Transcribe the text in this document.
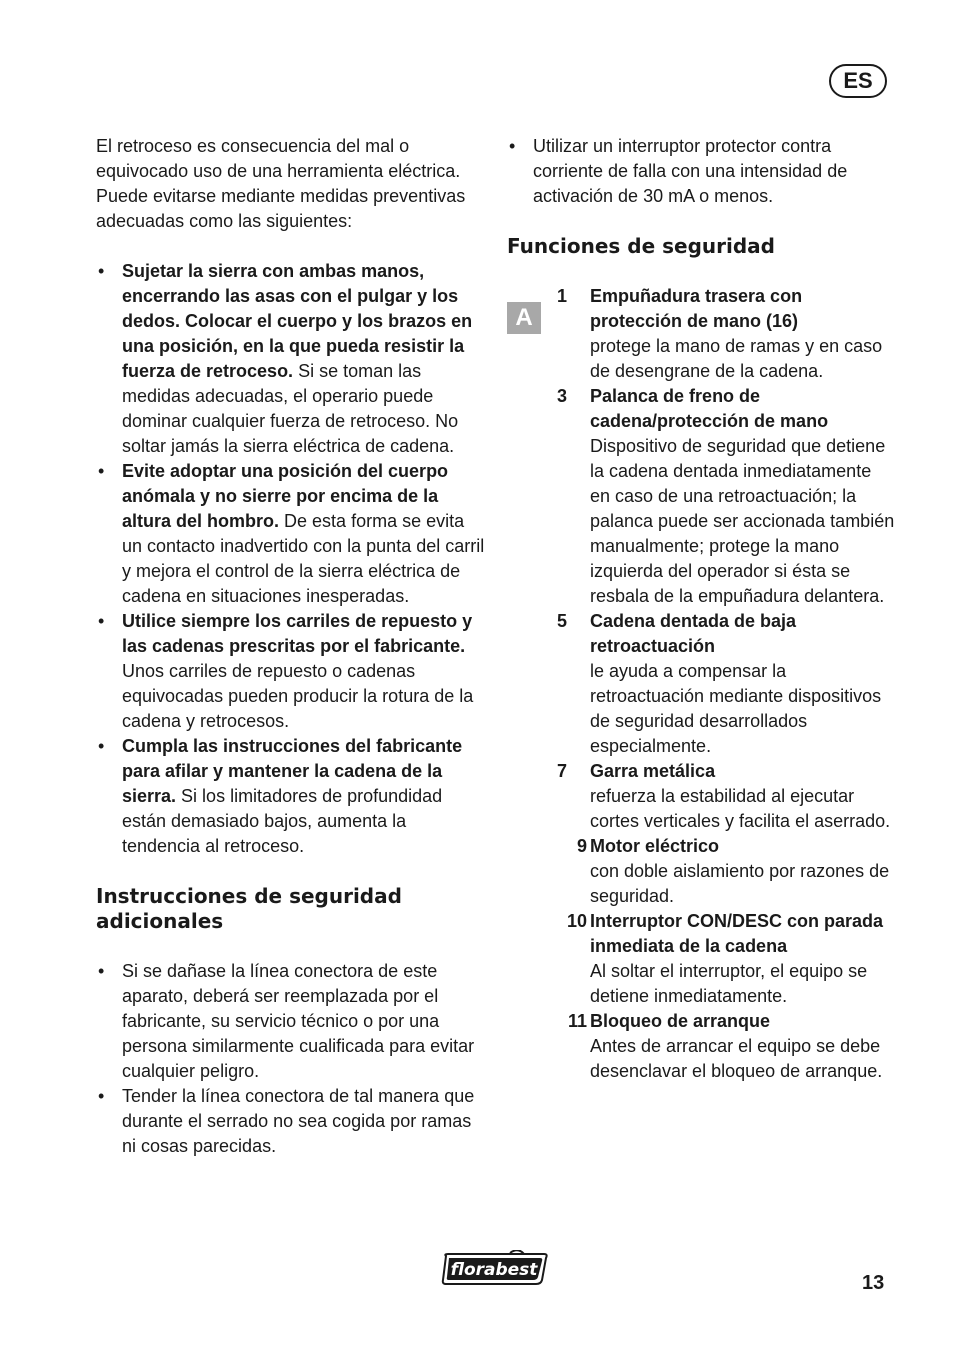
ES

El retroceso es consecuencia del mal o equivocado uso de una herramienta eléctrica. Puede evitarse mediante medidas preventivas adecuadas como las siguientes:

• Sujetar la sierra con ambas manos, encerrando las asas con el pulgar y los dedos. Colocar el cuerpo y los brazos en una posición, en la que pueda resistir la fuerza de retroceso. Si se toman las medidas adecuadas, el operario puede dominar cualquier fuerza de retroceso. No soltar jamás la sierra eléctrica de cadena.
• Evite adoptar una posición del cuerpo anómala y no sierre por encima de la altura del hombro. De esta forma se evita un contacto inadvertido con la punta del carril y mejora el control de la sierra eléctrica de cadena en situaciones inesperadas.
• Utilice siempre los carriles de repuesto y las cadenas prescritas por el fabricante. Unos carriles de repuesto o cadenas equivocadas pueden producir la rotura de la cadena y retrocesos.
• Cumpla las instrucciones del fabricante para afilar y mantener la cadena de la sierra. Si los limitadores de profundidad están demasiado bajos, aumenta la tendencia al retroceso.
Instrucciones de seguridad adicionales
• Si se dañase la línea conectora de este aparato, deberá ser reemplazada por el fabricante, su servicio técnico o por una persona similarmente cualificada para evitar cualquier peligro.
• Tender la línea conectora de tal manera que durante el serrado no sea cogida por ramas ni cosas parecidas.
• Utilizar un interruptor protector contra corriente de falla con una intensidad de activación de 30 mA o menos.
Funciones de seguridad
A
1	Empuñadura trasera con protección de mano (16)
protege la mano de ramas y en caso de desengrane de la cadena.
3	Palanca de freno de cadena/protección de mano
Dispositivo de seguridad que detiene la cadena dentada inmediatamente en caso de una retroactuación; la palanca puede ser accionada también manualmente; protege la mano izquierda del operador si ésta se resbala de la empuñadura delantera.
5	Cadena dentada de baja retroactuación
le ayuda a compensar la retroactuación mediante dispositivos de seguridad desarrollados especialmente.
7	Garra metálica
refuerza la estabilidad al ejecutar cortes verticales y facilita el aserrado.
9 Motor eléctrico
con doble aislamiento por razones de seguridad.
10 Interruptor CON/DESC con parada inmediata de la cadena
Al soltar el interruptor, el equipo se detiene inmediatamente.
11 Bloqueo de arranque
Antes de arrancar el equipo se debe desenclavar el bloqueo de arranque.
florabest
13
